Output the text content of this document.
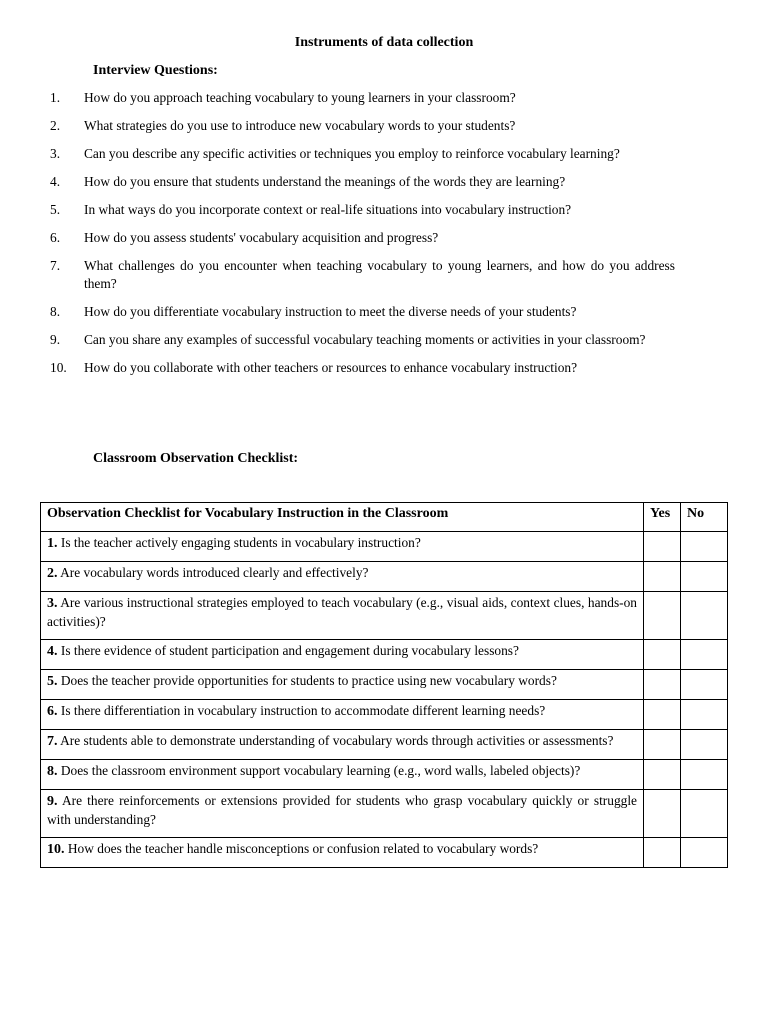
Instruments of data collection
Interview Questions:
1.	How do you approach teaching vocabulary to young learners in your classroom?
2.	What strategies do you use to introduce new vocabulary words to your students?
3.	Can you describe any specific activities or techniques you employ to reinforce vocabulary learning?
4.	How do you ensure that students understand the meanings of the words they are learning?
5.	In what ways do you incorporate context or real-life situations into vocabulary instruction?
6.	How do you assess students' vocabulary acquisition and progress?
7.	What challenges do you encounter when teaching vocabulary to young learners, and how do you address them?
8.	How do you differentiate vocabulary instruction to meet the diverse needs of your students?
9.	Can you share any examples of successful vocabulary teaching moments or activities in your classroom?
10.	How do you collaborate with other teachers or resources to enhance vocabulary instruction?
Classroom Observation Checklist:
Observation Checklist for Vocabulary Instruction in the Classroom	Yes	No
1. Is the teacher actively engaging students in vocabulary instruction?		
2. Are vocabulary words introduced clearly and effectively?		
3. Are various instructional strategies employed to teach vocabulary (e.g., visual aids, context clues, hands-on activities)?		
4. Is there evidence of student participation and engagement during vocabulary lessons?		
5. Does the teacher provide opportunities for students to practice using new vocabulary words?		
6. Is there differentiation in vocabulary instruction to accommodate different learning needs?		
7. Are students able to demonstrate understanding of vocabulary words through activities or assessments?		
8. Does the classroom environment support vocabulary learning (e.g., word walls, labeled objects)?		
9. Are there reinforcements or extensions provided for students who grasp vocabulary quickly or struggle with understanding?		
10. How does the teacher handle misconceptions or confusion related to vocabulary words?		
